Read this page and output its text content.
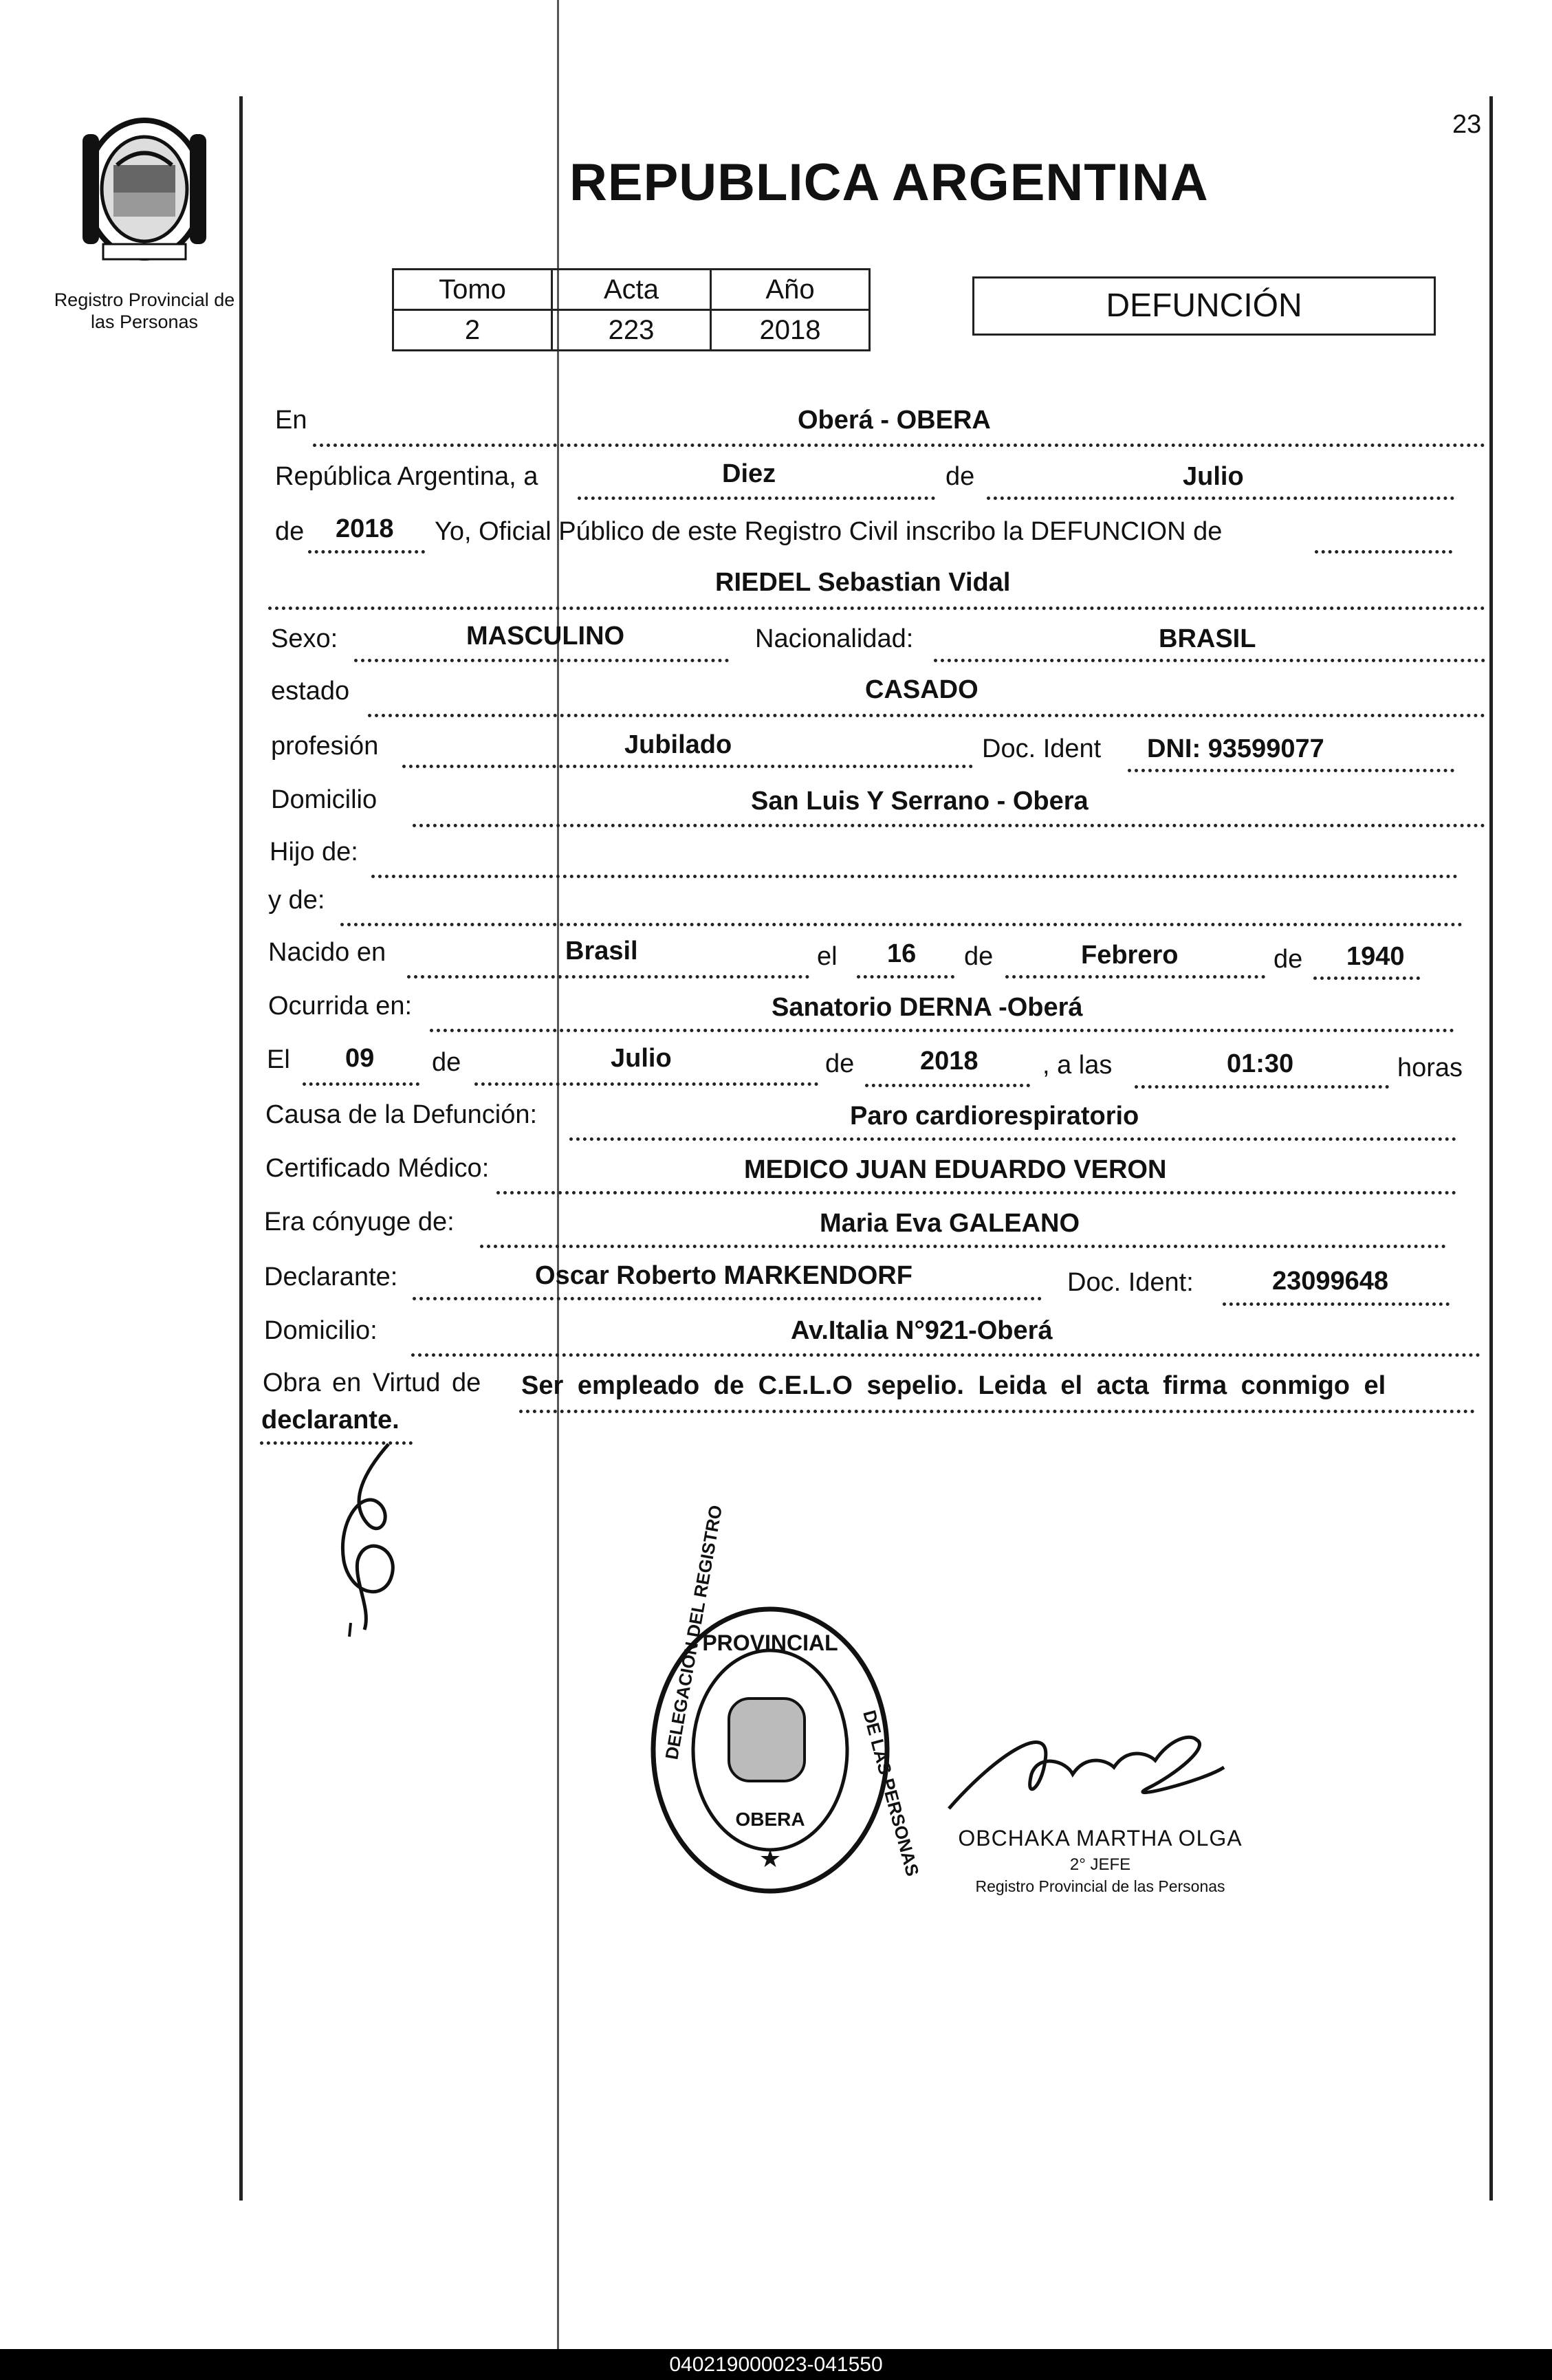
23
Registro Provincial de
las Personas
REPUBLICA ARGENTINA
Tomo	Acta	Año
2	223	2018
DEFUNCIÓN
En	Oberá - OBERA
República Argentina, a	Diez	de	Julio
de 2018 Yo, Oficial Público de este Registro Civil inscribo la DEFUNCION de
RIEDEL Sebastian Vidal
Sexo:	MASCULINO	Nacionalidad:	BRASIL
estado	CASADO
profesión	Jubilado	Doc. Ident DNI: 93599077
Domicilio	San Luis Y Serrano - Obera
Hijo de:
y de:
Nacido en	Brasil	el 16 de	Febrero	de 1940
Ocurrida en:	Sanatorio DERNA -Oberá
El 09 de	Julio	de	2018 , a las	01:30	horas
Causa de la Defunción:	Paro cardiorespiratorio
Certificado Médico:	MEDICO JUAN EDUARDO VERON
Era cónyuge de:	Maria Eva GALEANO
Declarante:	Oscar Roberto MARKENDORF	Doc. Ident:	23099648
Domicilio:	Av.Italia N°921-Oberá
Obra en Virtud de Ser empleado de C.E.L.O sepelio. Leida el acta firma conmigo el
declarante.
PROVINCIAL
DELEGACION DEL REGISTRO
DE LAS PERSONAS
OBERA
★
OBCHAKA MARTHA OLGA
2° JEFE
Registro Provincial de las Personas
040219000023-041550
